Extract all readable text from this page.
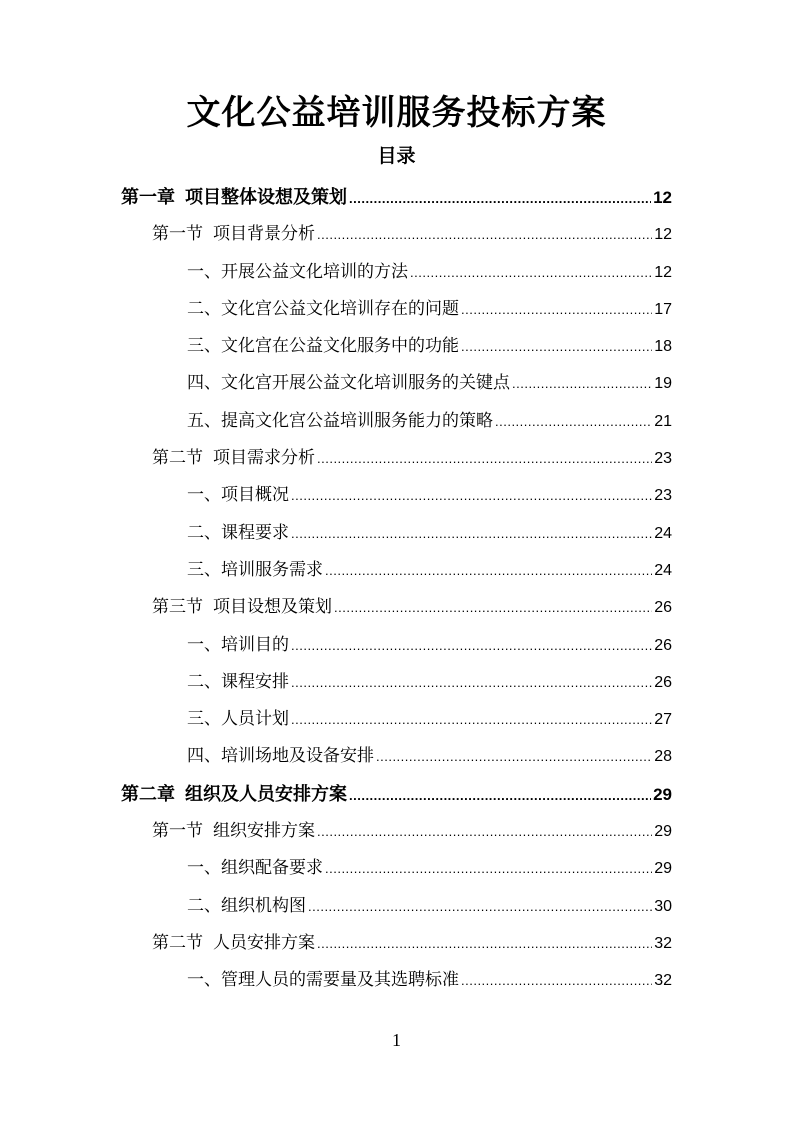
文化公益培训服务投标方案
目录
第一章 项目整体设想及策划 .....	12
第一节 项目背景分析 .....	12
一、开展公益文化培训的方法 .....	12
二、文化宫公益文化培训存在的问题 .....	17
三、文化宫在公益文化服务中的功能 .....	18
四、文化宫开展公益文化培训服务的关键点 .....	19
五、提高文化宫公益培训服务能力的策略 .....	21
第二节 项目需求分析 .....	23
一、项目概况 .....	23
二、课程要求 .....	24
三、培训服务需求 .....	24
第三节 项目设想及策划 .....	26
一、培训目的 .....	26
二、课程安排 .....	26
三、人员计划 .....	27
四、培训场地及设备安排 .....	28
第二章 组织及人员安排方案 .....	29
第一节 组织安排方案 .....	29
一、组织配备要求 .....	29
二、组织机构图 .....	30
第二节 人员安排方案 .....	32
一、管理人员的需要量及其选聘标准 .....	32
1
